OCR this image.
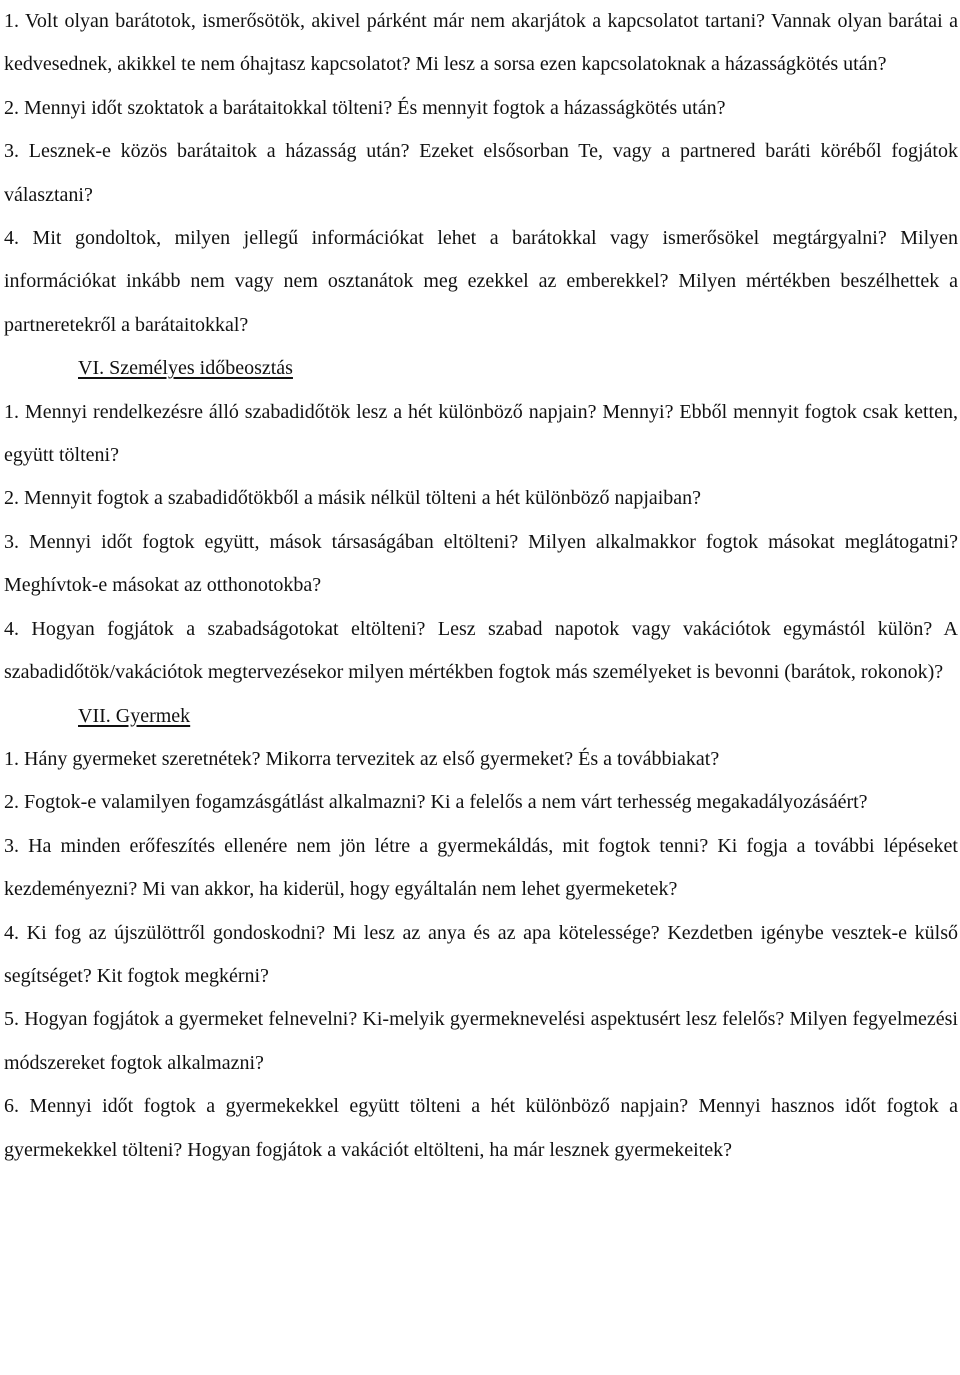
1. Volt olyan barátotok, ismerősötök, akivel párként már nem akarjátok a kapcsolatot tartani? Vannak olyan barátai a kedvesednek, akikkel te nem óhajtasz kapcsolatot? Mi lesz a sorsa ezen kapcsolatoknak a házasságkötés után?

2. Mennyi időt szoktatok a barátaitokkal tölteni? És mennyit fogtok a házasságkötés után?

3. Lesznek-e közös barátaitok a házasság után? Ezeket elsősorban Te, vagy a partnered baráti köréből fogjátok választani?

4. Mit gondoltok, milyen jellegű információkat lehet a barátokkal vagy ismerősökel megtárgyalni? Milyen információkat inkább nem vagy nem osztanátok meg ezekkel az emberekkel? Milyen mértékben beszélhettek a partneretekről a barátaitokkal?

VI. Személyes időbeosztás

1. Mennyi rendelkezésre álló szabadidőtök lesz a hét különböző napjain? Mennyi? Ebből mennyit fogtok csak ketten, együtt tölteni?

2. Mennyit fogtok a szabadidőtökből a másik nélkül tölteni a hét különböző napjaiban?

3. Mennyi időt fogtok együtt, mások társaságában eltölteni? Milyen alkalmakkor fogtok másokat meglátogatni? Meghívtok-e másokat az otthonotokba?

4. Hogyan fogjátok a szabadságotokat eltölteni? Lesz szabad napotok vagy vakációtok egymástól külön? A szabadidőtök/vakációtok megtervezésekor milyen mértékben fogtok más személyeket is bevonni (barátok, rokonok)?

VII. Gyermek

1. Hány gyermeket szeretnétek? Mikorra tervezitek az első gyermeket? És a továbbiakat?

2. Fogtok-e valamilyen fogamzásgátlást alkalmazni? Ki a felelős a nem várt terhesség megakadályozásáért?

3. Ha minden erőfeszítés ellenére nem jön létre a gyermekáldás, mit fogtok tenni? Ki fogja a további lépéseket kezdeményezni? Mi van akkor, ha kiderül, hogy egyáltalán nem lehet gyermeketek?

4. Ki fog az újszülöttről gondoskodni? Mi lesz az anya és az apa kötelessége? Kezdetben igénybe vesztek-e külső segítséget? Kit fogtok megkérni?

5. Hogyan fogjátok a gyermeket felnevelni? Ki-melyik gyermeknevelési aspektusért lesz felelős? Milyen fegyelmezési módszereket fogtok alkalmazni?

6. Mennyi időt fogtok a gyermekekkel együtt tölteni a hét különböző napjain? Mennyi hasznos időt fogtok a gyermekekkel tölteni? Hogyan fogjátok a vakációt eltölteni, ha már lesznek gyermekeitek?
